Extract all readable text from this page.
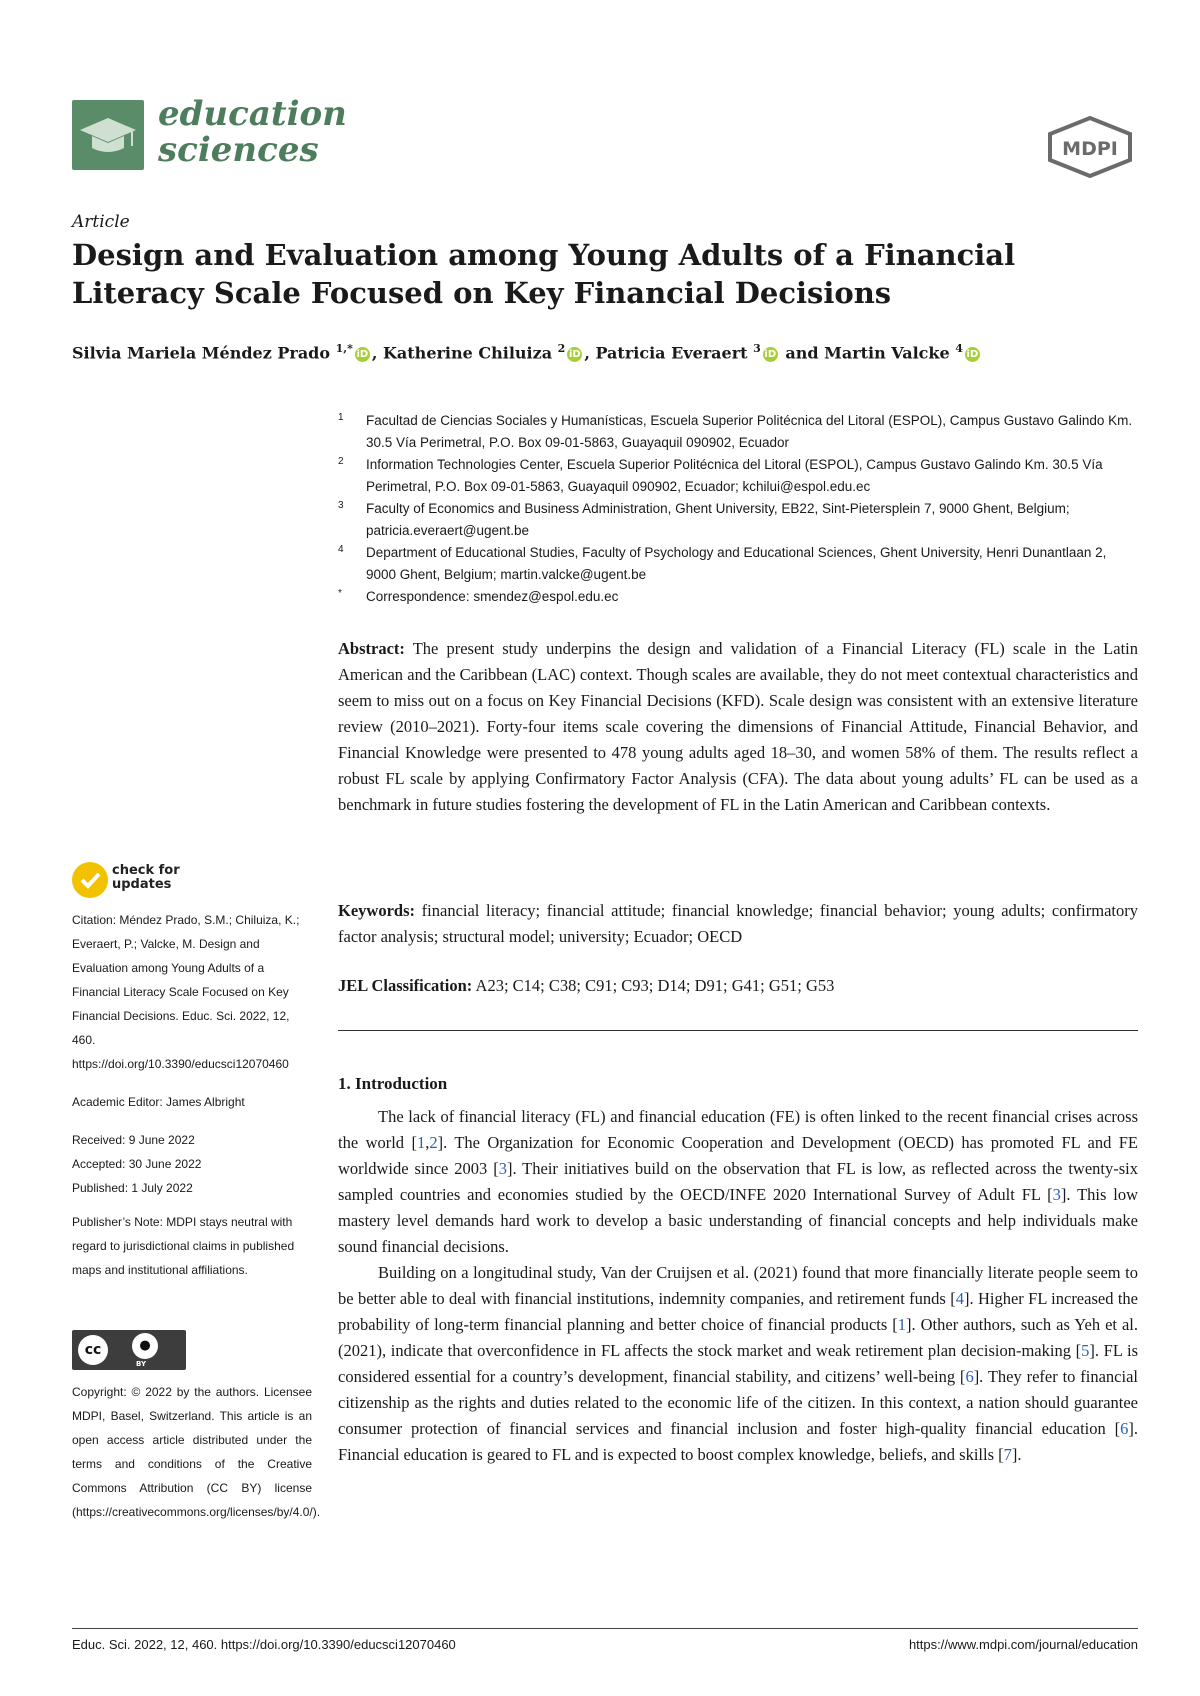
education
sciences	MDPI
Article
Design and Evaluation among Young Adults of a Financial Literacy Scale Focused on Key Financial Decisions
Silvia Mariela Méndez Prado $^{1,*}$ iD , Katherine Chiluiza $^2$ iD , Patricia Everaert $^3$ iD and Martin Valcke $^4$ iD
1 Facultad de Ciencias Sociales y Humanísticas, Escuela Superior Politécnica del Litoral (ESPOL), Campus Gustavo Galindo Km. 30.5 Vía Perimetral, P.O. Box 09-01-5863, Guayaquil 090902, Ecuador
2 Information Technologies Center, Escuela Superior Politécnica del Litoral (ESPOL), Campus Gustavo Galindo Km. 30.5 Vía Perimetral, P.O. Box 09-01-5863, Guayaquil 090902, Ecuador; kchilui@espol.edu.ec
3 Faculty of Economics and Business Administration, Ghent University, EB22, Sint-Pietersplein 7, 9000 Ghent, Belgium; patricia.everaert@ugent.be
4 Department of Educational Studies, Faculty of Psychology and Educational Sciences, Ghent University, Henri Dunantlaan 2, 9000 Ghent, Belgium; martin.valcke@ugent.be
* Correspondence: smendez@espol.edu.ec
Abstract: The present study underpins the design and validation of a Financial Literacy (FL) scale in the Latin American and the Caribbean (LAC) context. Though scales are available, they do not meet contextual characteristics and seem to miss out on a focus on Key Financial Decisions (KFD). Scale design was consistent with an extensive literature review (2010–2021). Forty-four items scale covering the dimensions of Financial Attitude, Financial Behavior, and Financial Knowledge were presented to 478 young adults aged 18–30, and women 58% of them. The results reflect a robust FL scale by applying Confirmatory Factor Analysis (CFA). The data about young adults’ FL can be used as a benchmark in future studies fostering the development of FL in the Latin American and Caribbean contexts.
Keywords: financial literacy; financial attitude; financial knowledge; financial behavior; young adults; confirmatory factor analysis; structural model; university; Ecuador; OECD
JEL Classification: A23; C14; C38; C91; C93; D14; D91; G41; G51; G53
1. Introduction

The lack of financial literacy (FL) and financial education (FE) is often linked to the recent financial crises across the world [1,2]. The Organization for Economic Cooperation and Development (OECD) has promoted FL and FE worldwide since 2003 [3]. Their initiatives build on the observation that FL is low, as reflected across the twenty-six sampled countries and economies studied by the OECD/INFE 2020 International Survey of Adult FL [3]. This low mastery level demands hard work to develop a basic understanding of financial concepts and help individuals make sound financial decisions.

Building on a longitudinal study, Van der Cruijsen et al. (2021) found that more financially literate people seem to be better able to deal with financial institutions, indemnity companies, and retirement funds [4]. Higher FL increased the probability of long-term financial planning and better choice of financial products [1]. Other authors, such as Yeh et al. (2021), indicate that overconfidence in FL affects the stock market and weak retirement plan decision-making [5]. FL is considered essential for a country’s development, financial stability, and citizens’ well-being [6]. They refer to financial citizenship as the rights and duties related to the economic life of the citizen. In this context, a nation should guarantee consumer protection of financial services and financial inclusion and foster high-quality financial education [6]. Financial education is geared to FL and is expected to boost complex knowledge, beliefs, and skills [7].

check for
updates

Citation: Méndez Prado, S.M.; Chiluiza, K.; Everaert, P.; Valcke, M. Design and Evaluation among Young Adults of a Financial Literacy Scale Focused on Key Financial Decisions. Educ. Sci. 2022, 12, 460. https://doi.org/10.3390/educsci12070460

Academic Editor: James Albright

Received: 9 June 2022

Accepted: 30 June 2022

Published: 1 July 2022

Publisher’s Note: MDPI stays neutral with regard to jurisdictional claims in published maps and institutional affiliations.

cc	●
BY

Copyright: © 2022 by the authors. Licensee MDPI, Basel, Switzerland. This article is an open access article distributed under the terms and conditions of the Creative Commons Attribution (CC BY) license (https://creativecommons.org/licenses/by/4.0/).

Educ. Sci. 2022, 12, 460. https://doi.org/10.3390/educsci12070460	https://www.mdpi.com/journal/education
